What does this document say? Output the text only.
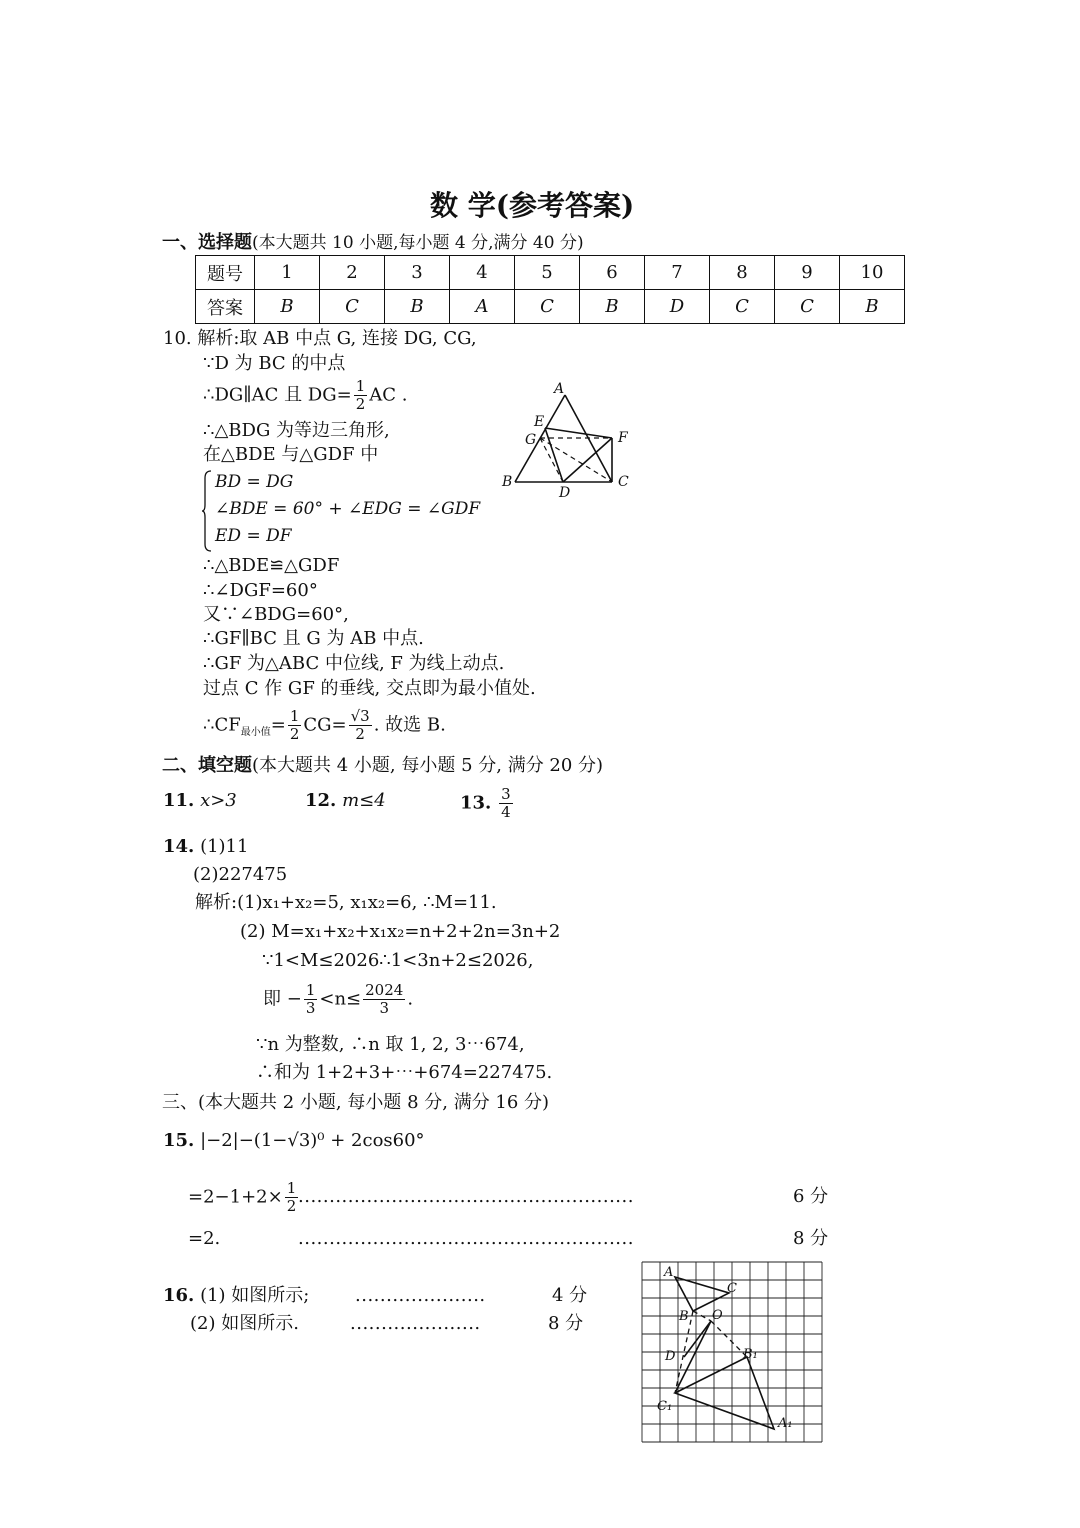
数 学(参考答案)
一、选择题(本大题共 10 小题,每小题 4 分,满分 40 分)
题号	1	2	3	4	5	6	7	8	9	10
答案	B	C	B	A	C	B	D	C	C	B
10. 解析:取 AB 中点 G, 连接 DG, CG,
∵D 为 BC 的中点
∴DG∥AC 且 $DG= \frac{1}{2}$ AC .
∴△BDG 为等边三角形,
在△BDE 与△GDF 中
BD = DG
∠BDE = 60° + ∠EDG = ∠GDF
ED = DF
∴△BDE≌△GDF
∴∠DGF=60°
又∵∠BDG=60°,
∴GF∥BC 且 G 为 AB 中点.
∴GF 为△ABC 中位线, F 为线上动点.
过点 C 作 GF 的垂线, 交点即为最小值处.
$\therefore CF_{最小值}= \frac{1}{2} CG= \frac{√3}{2}$ . 故选 B.
A
E
G	F
B	C
D
二、填空题(本大题共 4 小题, 每小题 5 分, 满分 20 分)
11. x>3	12. m≤4	13. $\frac{3}{4}$
14. (1)11
(2)227475
解析:(1)x₁+x₂=5, x₁x₂=6, ∴M=11.
(2) M=x₁+x₂+x₁x₂=n+2+2n=3n+2
∵1<M≤2026∴1<3n+2≤2026,
即 − $\frac{1}{3} <n\le \frac{2024}{3}$ .
∵n 为整数, ∴n 取 1, 2, 3⋯674,
∴和为 1+2+3+⋯+674=227475.
三、(本大题共 2 小题, 每小题 8 分, 满分 16 分)
15. |−2|−(1−√3)⁰ + 2cos60°
$=2-1+2\times \frac{1}{2}$ ......................................................	6 分
=2.	......................................................	8 分
16. (1) 如图所示;	.....................	4 分
(2) 如图所示.	.....................	8 分
A
C
B O
D	B₁
C₁
A₁
